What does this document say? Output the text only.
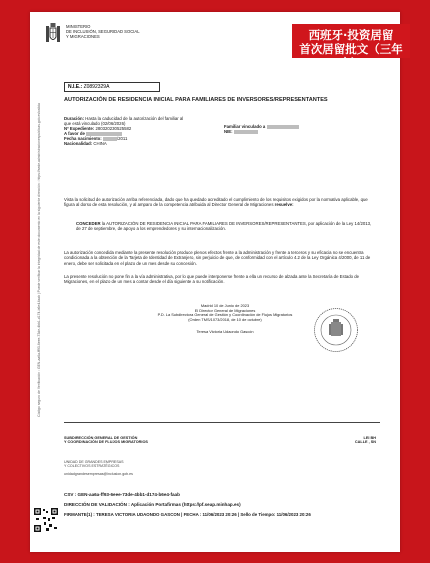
MINISTERIO
DE INCLUSIÓN, SEGURIDAD SOCIAL
Y MIGRACIONES	西班牙·投资居留
首次居留批文（三年卡）
Código seguro de Verificación : GEN-aa6a-ff93-6eee-73de-4bb1-d174-b6e4-faab | Puede verificar la integridad de este documento en la siguiente dirección : https://sede.administracionespublicas.gob.es/valida
N.I.E.: Z0892329A
AUTORIZACIÓN DE RESIDENCIA INICIAL PARA FAMILIARES DE INVERSORES/REPRESENTANTES
Duración: Hasta la caducidad de la autorización del familiar al
que está vinculado (02/06/2026)
Nº Expediente: 280320230525582
A favor de
Fecha nacimiento:	/2011
Nacionalidad: CHINA
Familiar vinculado a
NIE:
Vista la solicitud de autorización arriba referenciada, dado que ha quedado acreditado el cumplimiento de los requisitos exigidos por la normativa aplicable, que figura al dorso de esta resolución, y al amparo de la competencia atribuida al Director General de Migraciones resuelve:
CONCEDER la AUTORIZACIÓN DE RESIDENCIA INICIAL PARA FAMILIARES DE INVERSORES/REPRESENTANTES, por aplicación de la Ley 14/2013, de 27 de septiembre, de apoyo a los emprendedores y su internacionalización.
La autorización concedida mediante la presente resolución produce plenos efectos frente a la administración y frente a terceros y su eficacia no se encuentra condicionada a la obtención de la Tarjeta de Identidad de Extranjero, sin perjuicio de que, de conformidad con el artículo 4.2 de la Ley Orgánica 4/2000, de 11 de enero, debe ser solicitada en el plazo de un mes desde su concesión.
La presente resolución no pone fin a la vía administrativa, por lo que puede interponerse frente a ella un recurso de alzada ante la Secretaría de Estado de Migraciones, en el plazo de un mes a contar desde el día siguiente a su notificación.
Madrid 10 de Junio de 2023
El Director General de Migraciones
P.D. La Subdirectora General de Gestión y Coordinación de Flujos Migratorios
(Orden TMS/1073/2018, de 10 de octubre)
Teresa Victoria Udaondo Gascón
SUBDIRECCIÓN GENERAL DE GESTIÓN
Y COORDINACIÓN DE FLUJOS MIGRATORIOS
UNIDAD DE GRANDES EMPRESAS
Y COLECTIVOS ESTRATÉGICOS
unidadgrandesempresas@inclusion.gob.es
LEI BH
CALLE , SN
CSV : GEN-aa6a-ff93-6eee-73de-4bb1-d174-b6e4-faab
DIRECCIÓN DE VALIDACIÓN : Aplicación Portafirmas (https://pf.seap.minhap.es)
FIRMANTE(1) : TERESA VICTORIA UDAONDO GASCON | FECHA : 11/06/2023 20:26 | Sello de Tiempo: 11/06/2023 20:26
